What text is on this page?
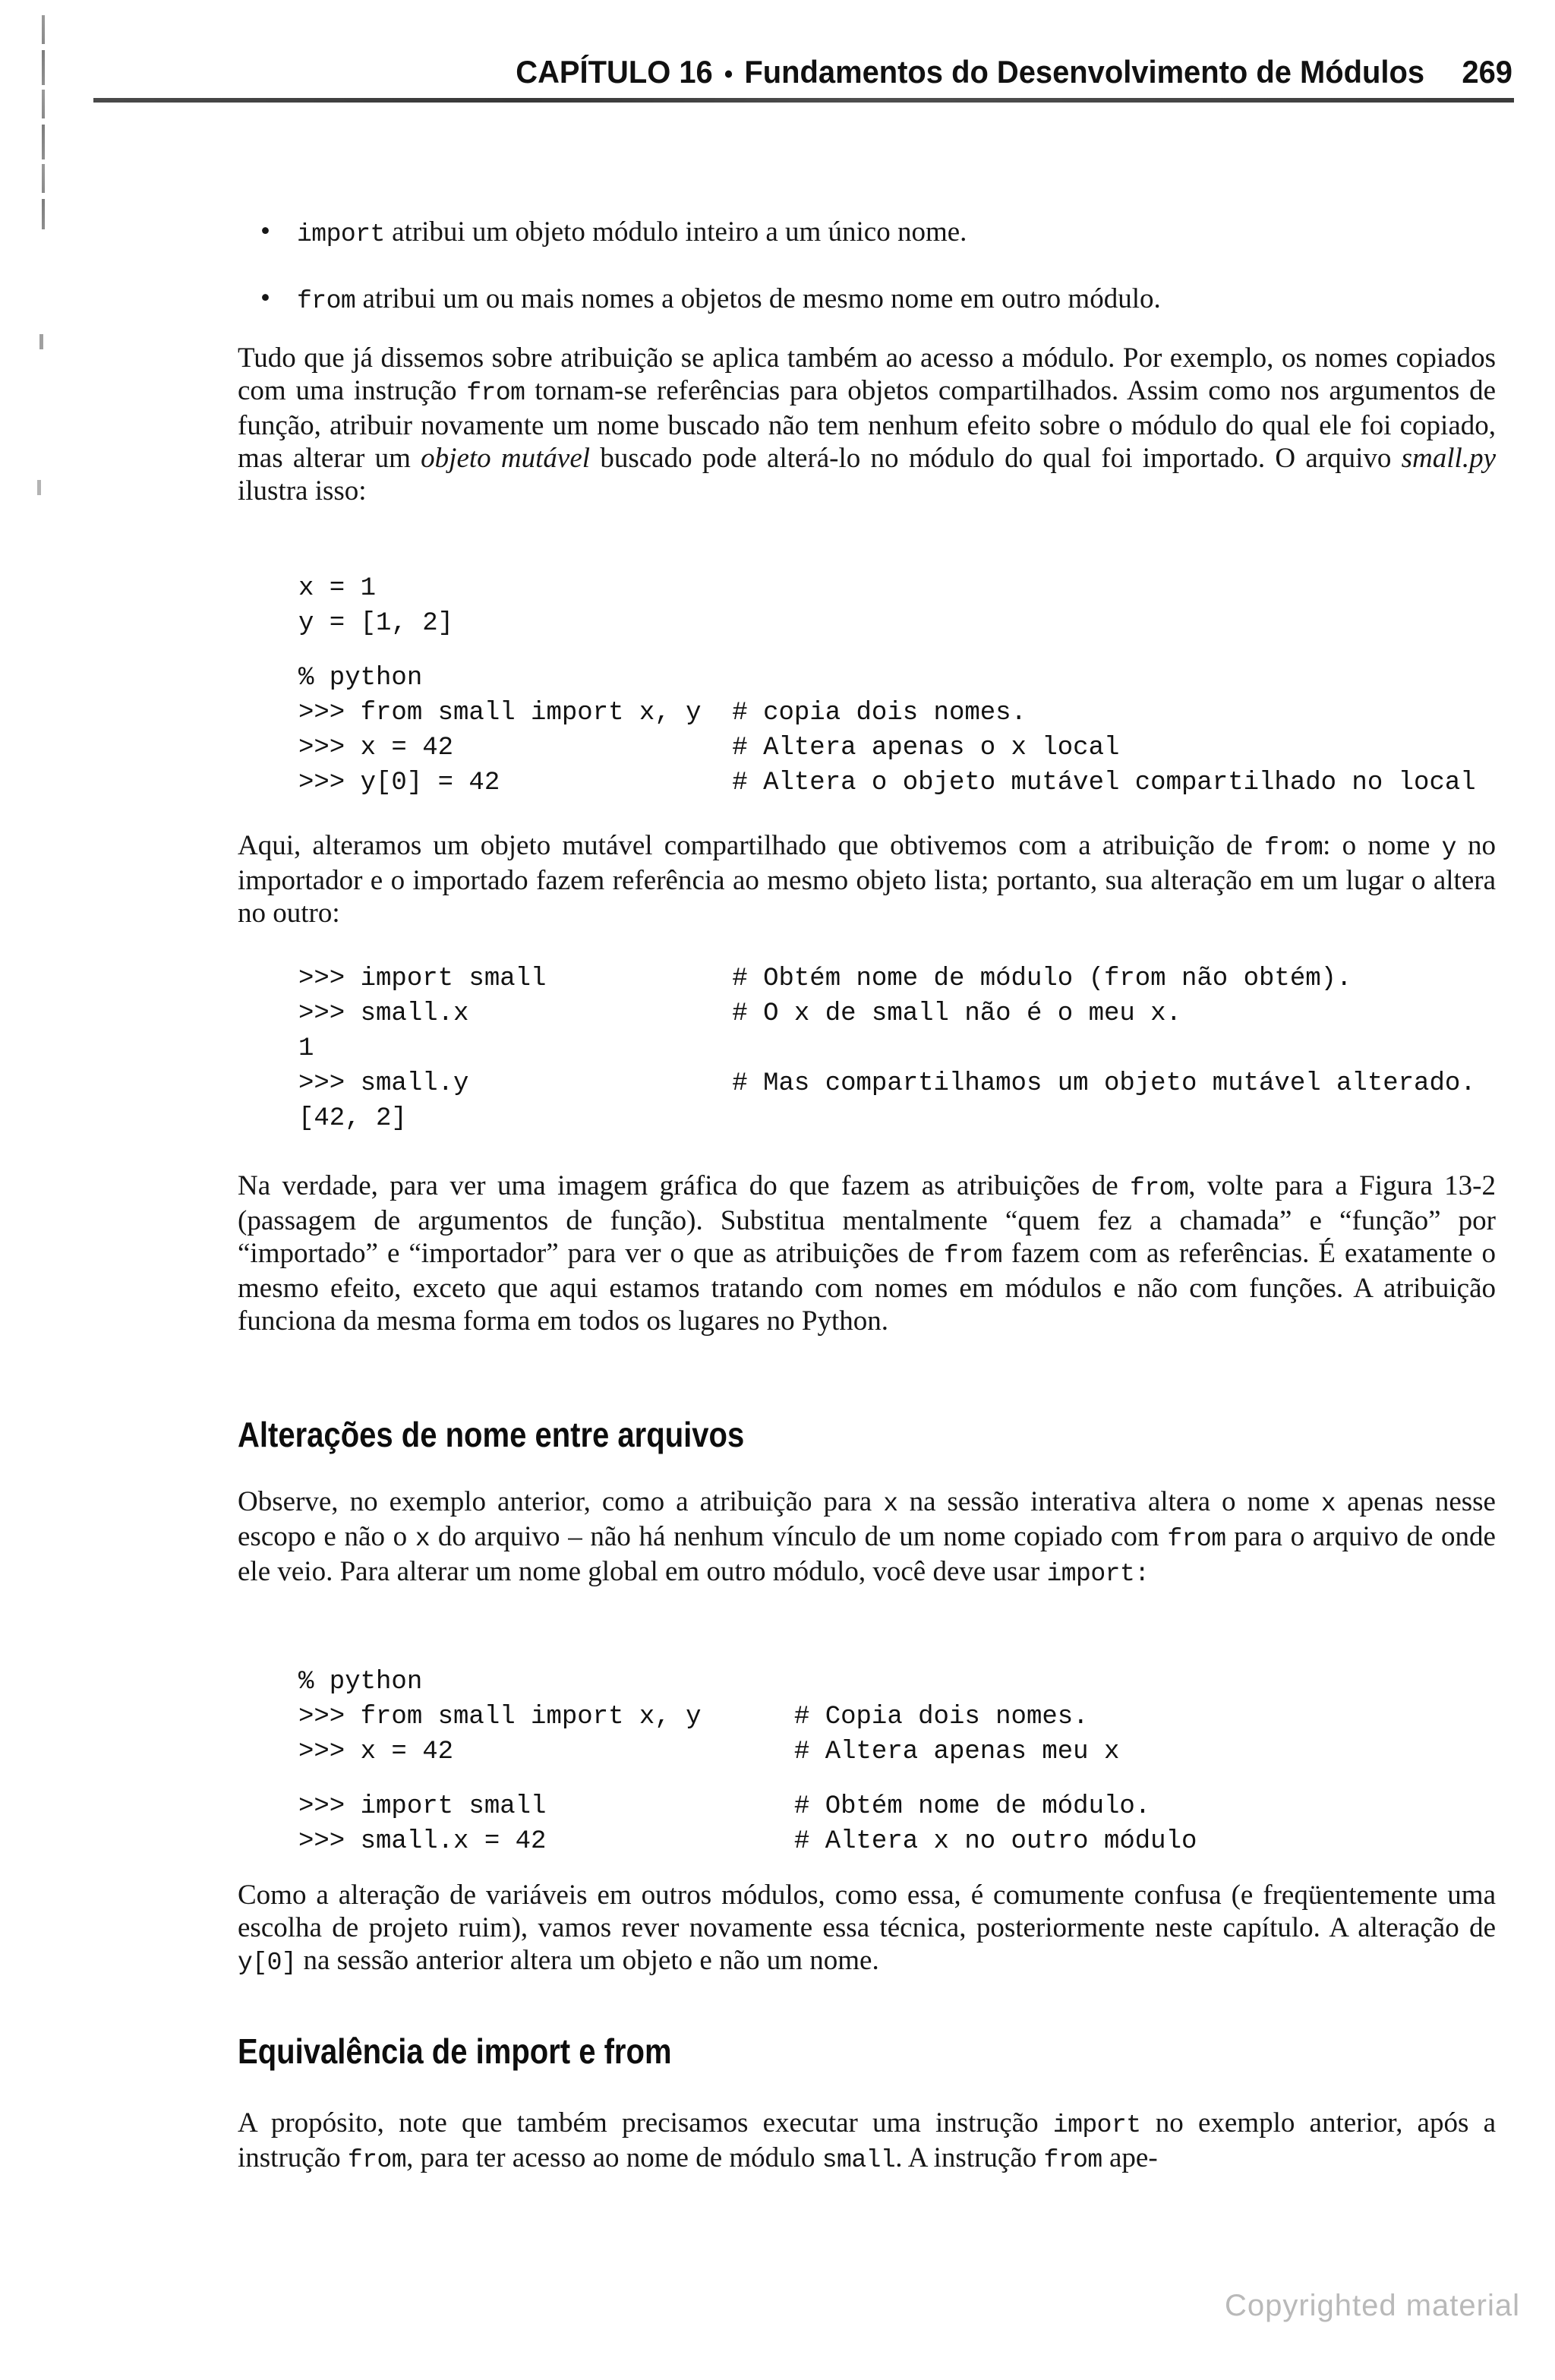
CAPÍTULO 16 • Fundamentos do Desenvolvimento de Módulos 269
• import atribui um objeto módulo inteiro a um único nome.
• from atribui um ou mais nomes a objetos de mesmo nome em outro módulo.
Tudo que já dissemos sobre atribuição se aplica também ao acesso a módulo. Por exemplo, os nomes copiados com uma instrução from tornam-se referências para objetos compartilhados. Assim como nos argumentos de função, atribuir novamente um nome buscado não tem nenhum efeito sobre o módulo do qual ele foi copiado, mas alterar um objeto mutável buscado pode alterá-lo no módulo do qual foi importado. O arquivo small.py ilustra isso:
x = 1
y = [1, 2]
% python
>>> from small import x, y  # copia dois nomes.
>>> x = 42                  # Altera apenas o x local
>>> y[0] = 42               # Altera o objeto mutável compartilhado no local
Aqui, alteramos um objeto mutável compartilhado que obtivemos com a atribuição de from: o nome y no importador e o importado fazem referência ao mesmo objeto lista; portanto, sua alteração em um lugar o altera no outro:
>>> import small            # Obtém nome de módulo (from não obtém).
>>> small.x                 # O x de small não é o meu x.
1
>>> small.y                 # Mas compartilhamos um objeto mutável alterado.
[42, 2]
Na verdade, para ver uma imagem gráfica do que fazem as atribuições de from, volte para a Figura 13-2 (passagem de argumentos de função). Substitua mentalmente “quem fez a chamada” e “função” por “importado” e “importador” para ver o que as atribuições de from fazem com as referências. É exatamente o mesmo efeito, exceto que aqui estamos tratando com nomes em módulos e não com funções. A atribuição funciona da mesma forma em todos os lugares no Python.
Alterações de nome entre arquivos
Observe, no exemplo anterior, como a atribuição para x na sessão interativa altera o nome x apenas nesse escopo e não o x do arquivo – não há nenhum vínculo de um nome copiado com from para o arquivo de onde ele veio. Para alterar um nome global em outro módulo, você deve usar import:
% python
>>> from small import x, y      # Copia dois nomes.
>>> x = 42                      # Altera apenas meu x
>>> import small                # Obtém nome de módulo.
>>> small.x = 42                # Altera x no outro módulo
Como a alteração de variáveis em outros módulos, como essa, é comumente confusa (e freqüentemente uma escolha de projeto ruim), vamos rever novamente essa técnica, posteriormente neste capítulo. A alteração de y[0] na sessão anterior altera um objeto e não um nome.
Equivalência de import e from
A propósito, note que também precisamos executar uma instrução import no exemplo anterior, após a instrução from, para ter acesso ao nome de módulo small. A instrução from ape-
Copyrighted material
